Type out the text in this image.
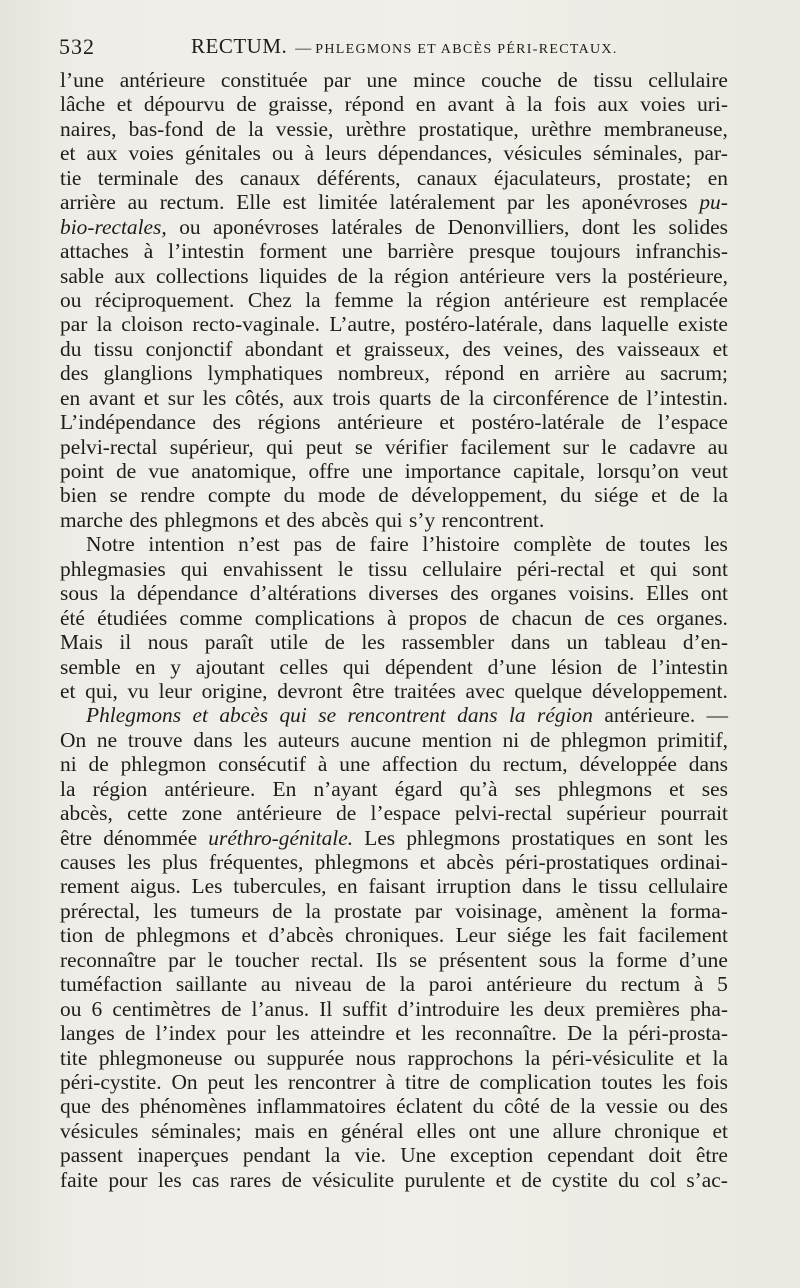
532	RECTUM. — PHLEGMONS ET ABCÈS PÉRI-RECTAUX.
l’une antérieure constituée par une mince couche de tissu cellulaire
lâche et dépourvu de graisse, répond en avant à la fois aux voies uri-
naires, bas-fond de la vessie, urèthre prostatique, urèthre membraneuse,
et aux voies génitales ou à leurs dépendances, vésicules séminales, par-
tie terminale des canaux déférents, canaux éjaculateurs, prostate; en
arrière au rectum. Elle est limitée latéralement par les aponévroses pu-
bio-rectales, ou aponévroses latérales de Denonvilliers, dont les solides
attaches à l’intestin forment une barrière presque toujours infranchis-
sable aux collections liquides de la région antérieure vers la postérieure,
ou réciproquement. Chez la femme la région antérieure est remplacée
par la cloison recto-vaginale. L’autre, postéro-latérale, dans laquelle existe
du tissu conjonctif abondant et graisseux, des veines, des vaisseaux et
des glanglions lymphatiques nombreux, répond en arrière au sacrum;
en avant et sur les côtés, aux trois quarts de la circonférence de l’intestin.
L’indépendance des régions antérieure et postéro-latérale de l’espace
pelvi-rectal supérieur, qui peut se vérifier facilement sur le cadavre au
point de vue anatomique, offre une importance capitale, lorsqu’on veut
bien se rendre compte du mode de développement, du siége et de la
marche des phlegmons et des abcès qui s’y rencontrent.
Notre intention n’est pas de faire l’histoire complète de toutes les
phlegmasies qui envahissent le tissu cellulaire péri-rectal et qui sont
sous la dépendance d’altérations diverses des organes voisins. Elles ont
été étudiées comme complications à propos de chacun de ces organes.
Mais il nous paraît utile de les rassembler dans un tableau d’en-
semble en y ajoutant celles qui dépendent d’une lésion de l’intestin
et qui, vu leur origine, devront être traitées avec quelque développement.
Phlegmons et abcès qui se rencontrent dans la région antérieure. —
On ne trouve dans les auteurs aucune mention ni de phlegmon primitif,
ni de phlegmon consécutif à une affection du rectum, développée dans
la région antérieure. En n’ayant égard qu’à ses phlegmons et ses
abcès, cette zone antérieure de l’espace pelvi-rectal supérieur pourrait
être dénommée uréthro-génitale. Les phlegmons prostatiques en sont les
causes les plus fréquentes, phlegmons et abcès péri-prostatiques ordinai-
rement aigus. Les tubercules, en faisant irruption dans le tissu cellulaire
prérectal, les tumeurs de la prostate par voisinage, amènent la forma-
tion de phlegmons et d’abcès chroniques. Leur siége les fait facilement
reconnaître par le toucher rectal. Ils se présentent sous la forme d’une
tuméfaction saillante au niveau de la paroi antérieure du rectum à 5
ou 6 centimètres de l’anus. Il suffit d’introduire les deux premières pha-
langes de l’index pour les atteindre et les reconnaître. De la péri-prosta-
tite phlegmoneuse ou suppurée nous rapprochons la péri-vésiculite et la
péri-cystite. On peut les rencontrer à titre de complication toutes les fois
que des phénomènes inflammatoires éclatent du côté de la vessie ou des
vésicules séminales; mais en général elles ont une allure chronique et
passent inaperçues pendant la vie. Une exception cependant doit être
faite pour les cas rares de vésiculite purulente et de cystite du col s’ac-
